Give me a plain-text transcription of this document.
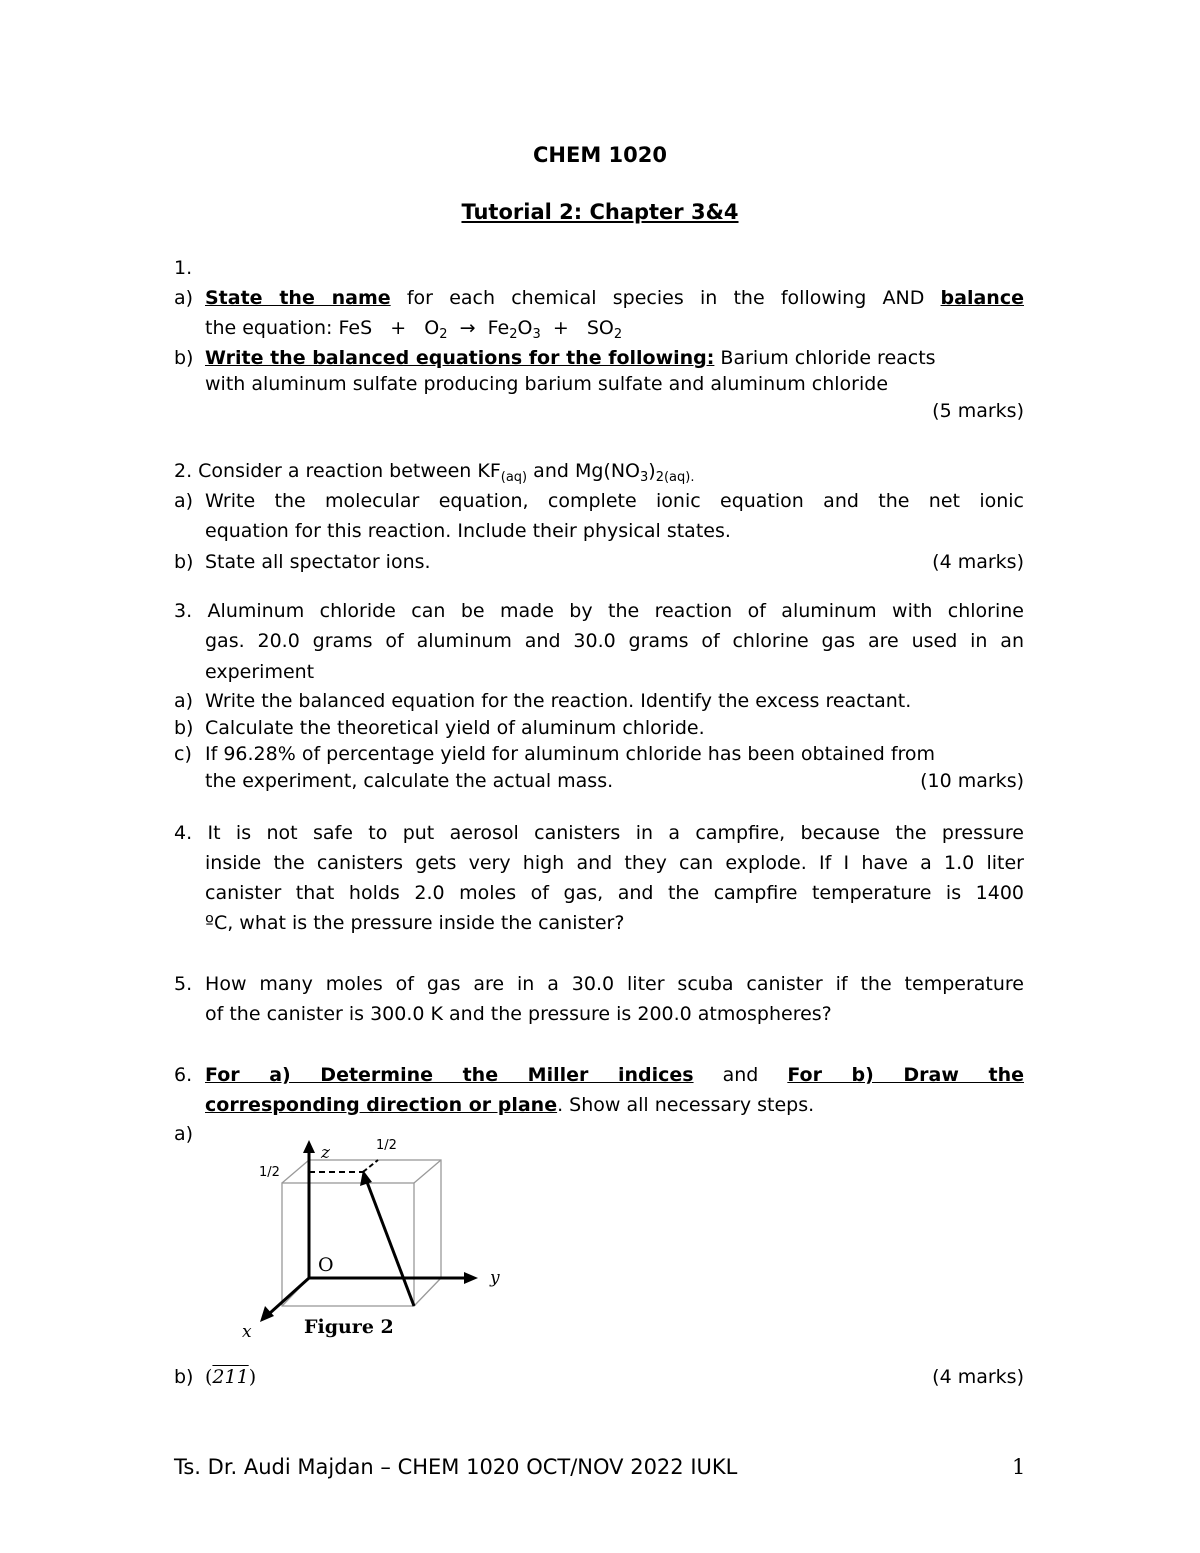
CHEM 1020
Tutorial 2: Chapter 3&4
1.
a) State the name for each chemical species in the following AND balance
the equation: FeS   +   $O_2 \to Fe_2O_3 + SO_2$
b) Write the balanced equations for the following: Barium chloride reacts
with aluminum sulfate producing barium sulfate and aluminum chloride
(5 marks)
2. Consider a reaction between $KF_{(aq)}$ and $Mg(NO_3)_{2(aq).}$
a) Write the molecular equation, complete ionic equation and the net ionic
equation for this reaction. Include their physical states.
b) State all spectator ions.	(4 marks)
3. Aluminum chloride can be made by the reaction of aluminum with chlorine
gas. 20.0 grams of aluminum and 30.0 grams of chlorine gas are used in an
experiment
a) Write the balanced equation for the reaction. Identify the excess reactant.
b) Calculate the theoretical yield of aluminum chloride.
c) If 96.28% of percentage yield for aluminum chloride has been obtained from
the experiment, calculate the actual mass.	(10 marks)
4. It is not safe to put aerosol canisters in a campfire, because the pressure
inside the canisters gets very high and they can explode. If I have a 1.0 liter
canister that holds 2.0 moles of gas, and the campfire temperature is 1400
ºC, what is the pressure inside the canister?
5. How many moles of gas are in a 30.0 liter scuba canister if the temperature
of the canister is 300.0 K and the pressure is 200.0 atmospheres?
6. For a) Determine the Miller indices and For b) Draw the
corresponding direction or plane. Show all necessary steps.
a)
z	1/2
1/2
O
y
x	Figure 2
b) (211)	(4 marks)
Ts. Dr. Audi Majdan – CHEM 1020 OCT/NOV 2022 IUKL	1
